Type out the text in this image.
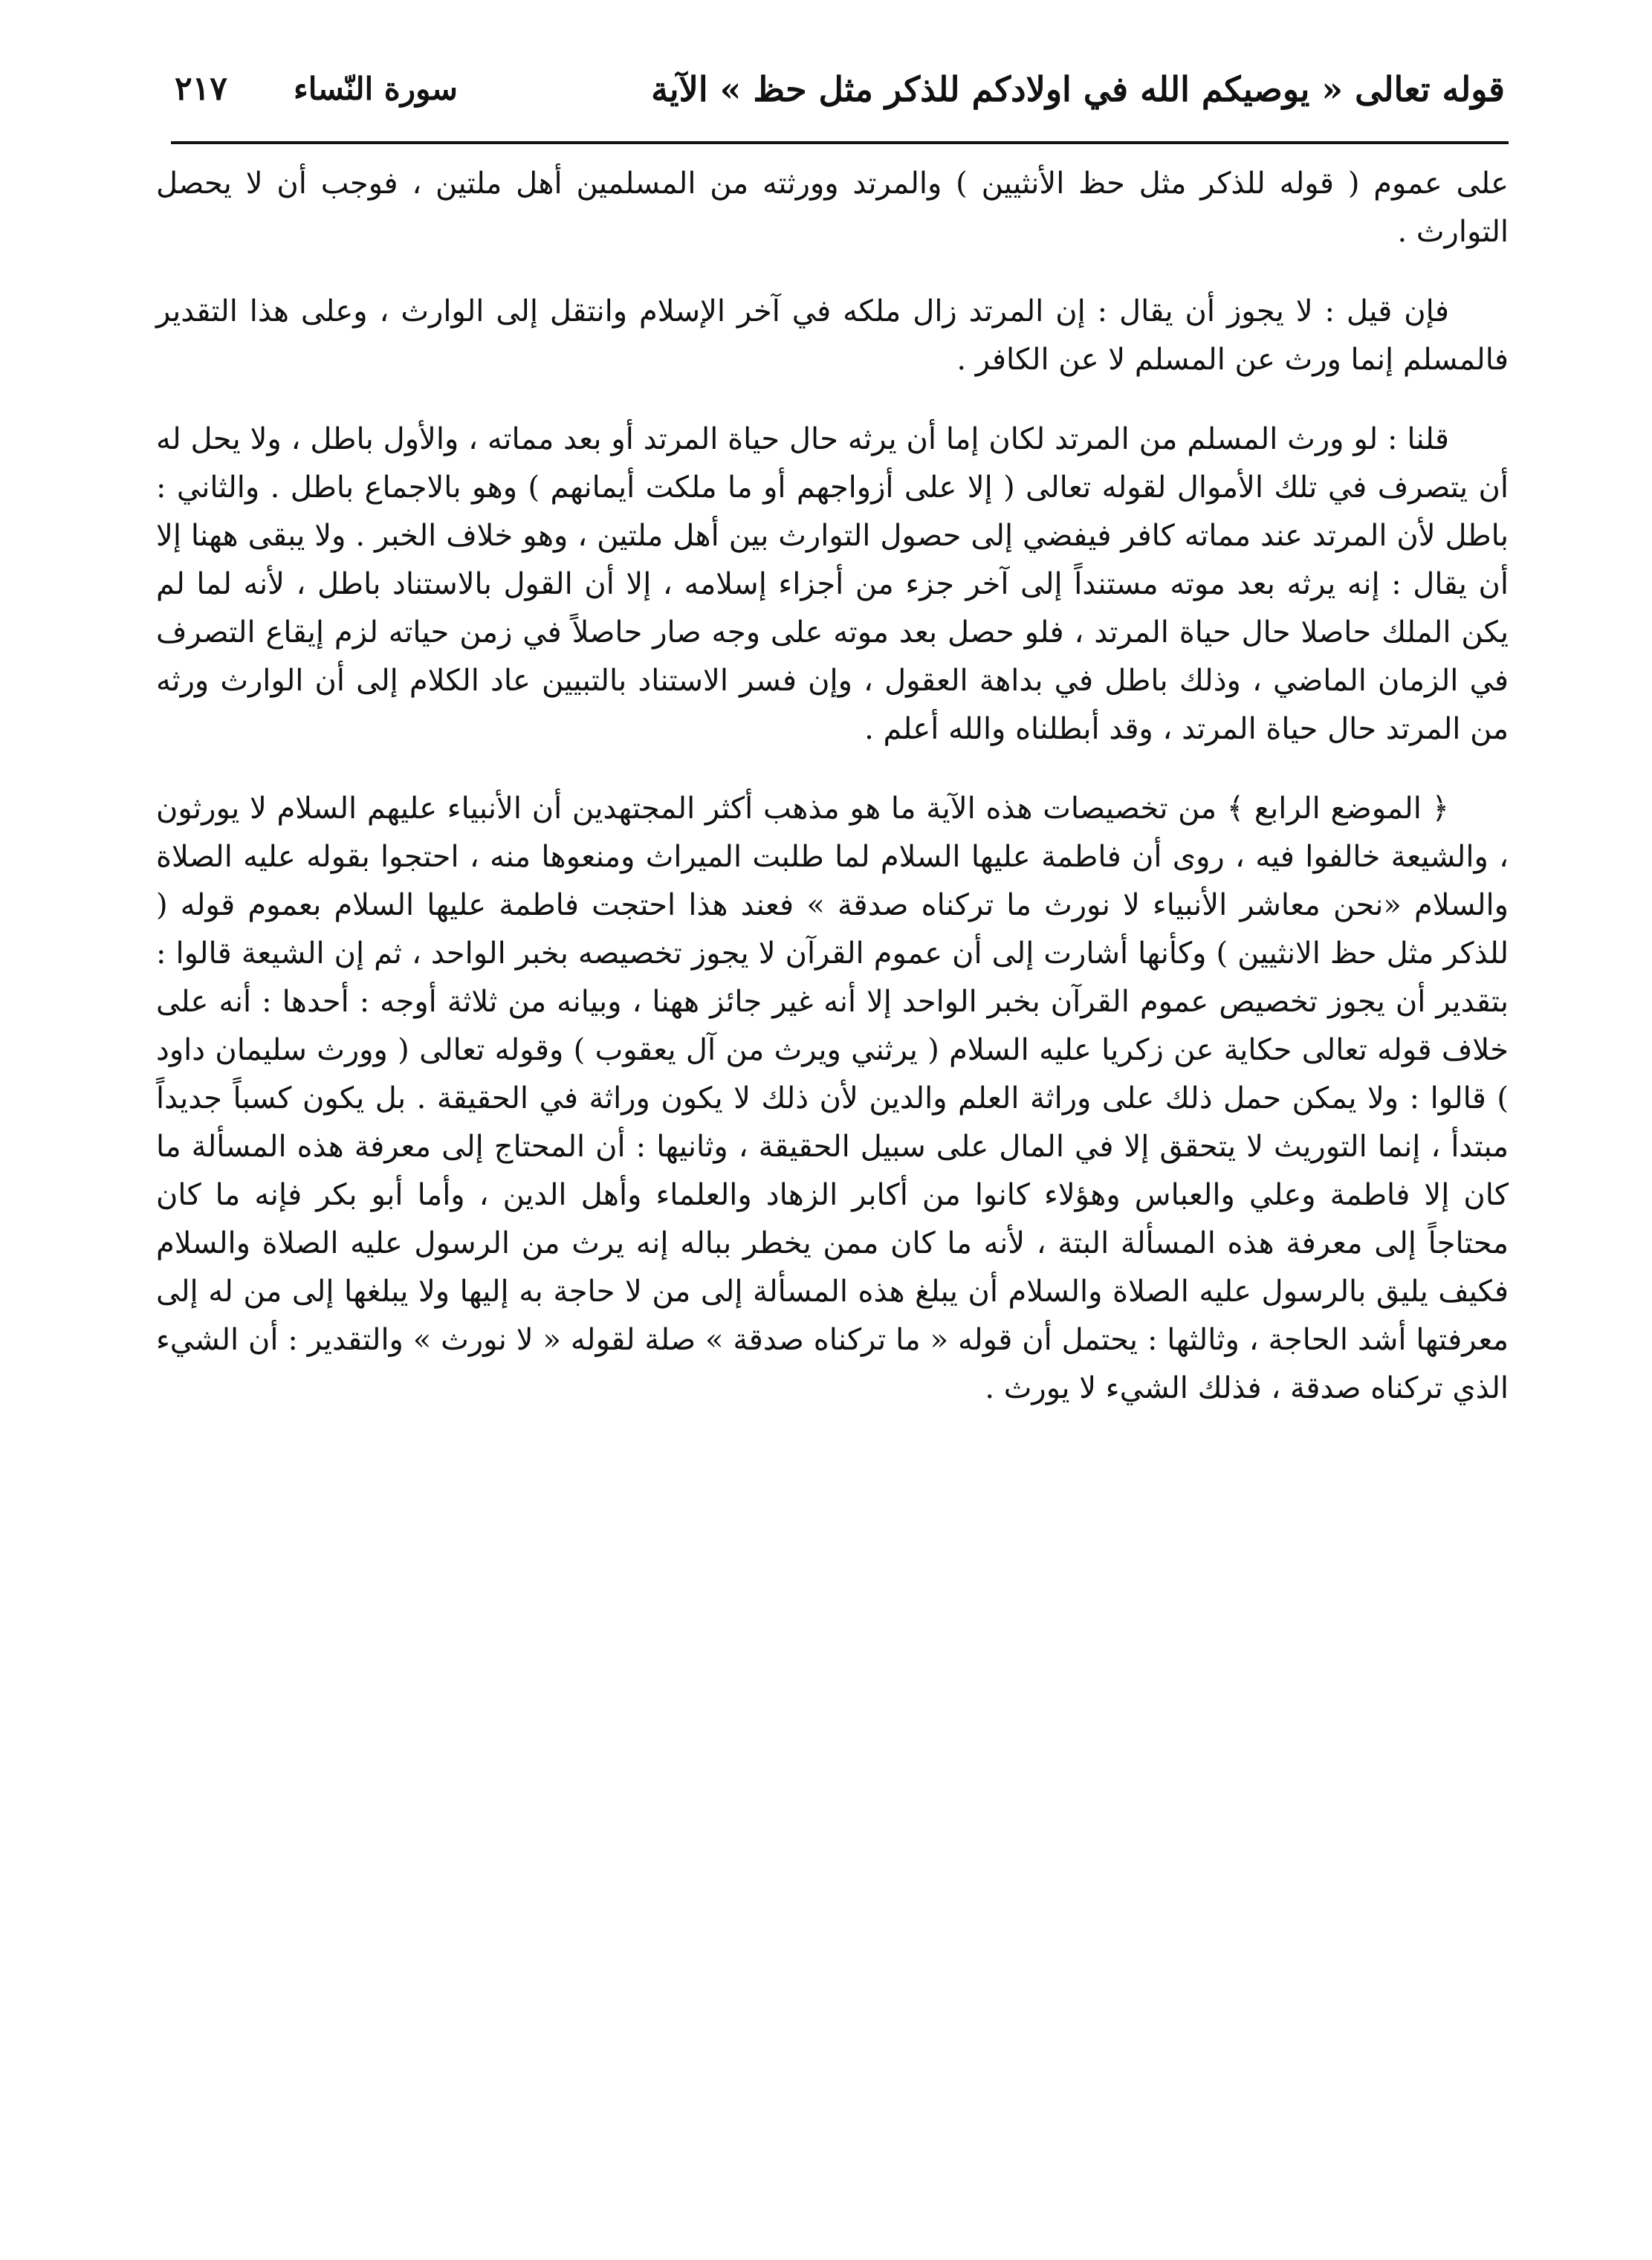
قوله تعالى « يوصيكم الله في اولادكم للذكر مثل حظ » الآية
سورة النّساء
٢١٧

على عموم ( قوله للذكر مثل حظ الأنثيين ) والمرتد وورثته من المسلمين أهل ملتين ، فوجب أن لا يحصل التوارث .

فإن قيل : لا يجوز أن يقال : إن المرتد زال ملكه في آخر الإسلام وانتقل إلى الوارث ، وعلى هذا التقدير فالمسلم إنما ورث عن المسلم لا عن الكافر .

قلنا : لو ورث المسلم من المرتد لكان إما أن يرثه حال حياة المرتد أو بعد مماته ، والأول باطل ، ولا يحل له أن يتصرف في تلك الأموال لقوله تعالى ( إلا على أزواجهم أو ما ملكت أيمانهم ) وهو بالاجماع باطل . والثاني : باطل لأن المرتد عند مماته كافر فيفضي إلى حصول التوارث بين أهل ملتين ، وهو خلاف الخبر . ولا يبقى ههنا إلا أن يقال : إنه يرثه بعد موته مستنداً إلى آخر جزء من أجزاء إسلامه ، إلا أن القول بالاستناد باطل ، لأنه لما لم يكن الملك حاصلا حال حياة المرتد ، فلو حصل بعد موته على وجه صار حاصلاً في زمن حياته لزم إيقاع التصرف في الزمان الماضي ، وذلك باطل في بداهة العقول ، وإن فسر الاستناد بالتبيين عاد الكلام إلى أن الوارث ورثه من المرتد حال حياة المرتد ، وقد أبطلناه والله أعلم .

﴿ الموضع الرابع ﴾ من تخصيصات هذه الآية ما هو مذهب أكثر المجتهدين أن الأنبياء عليهم السلام لا يورثون ، والشيعة خالفوا فيه ، روى أن فاطمة عليها السلام لما طلبت الميراث ومنعوها منه ، احتجوا بقوله عليه الصلاة والسلام «نحن معاشر الأنبياء لا نورث ما تركناه صدقة » فعند هذا احتجت فاطمة عليها السلام بعموم قوله ( للذكر مثل حظ الانثيين ) وكأنها أشارت إلى أن عموم القرآن لا يجوز تخصيصه بخبر الواحد ، ثم إن الشيعة قالوا : بتقدير أن يجوز تخصيص عموم القرآن بخبر الواحد إلا أنه غير جائز ههنا ، وبيانه من ثلاثة أوجه : أحدها : أنه على خلاف قوله تعالى حكاية عن زكريا عليه السلام ( يرثني ويرث من آل يعقوب ) وقوله تعالى ( وورث سليمان داود ) قالوا : ولا يمكن حمل ذلك على وراثة العلم والدين لأن ذلك لا يكون وراثة في الحقيقة . بل يكون كسباً جديداً مبتدأ ، إنما التوريث لا يتحقق إلا في المال على سبيل الحقيقة ، وثانيها : أن المحتاج إلى معرفة هذه المسألة ما كان إلا فاطمة وعلي والعباس وهؤلاء كانوا من أكابر الزهاد والعلماء وأهل الدين ، وأما أبو بكر فإنه ما كان محتاجاً إلى معرفة هذه المسألة البتة ، لأنه ما كان ممن يخطر بباله إنه يرث من الرسول عليه الصلاة والسلام فكيف يليق بالرسول عليه الصلاة والسلام أن يبلغ هذه المسألة إلى من لا حاجة به إليها ولا يبلغها إلى من له إلى معرفتها أشد الحاجة ، وثالثها : يحتمل أن قوله « ما تركناه صدقة » صلة لقوله « لا نورث » والتقدير : أن الشيء الذي تركناه صدقة ، فذلك الشيء لا يورث .
